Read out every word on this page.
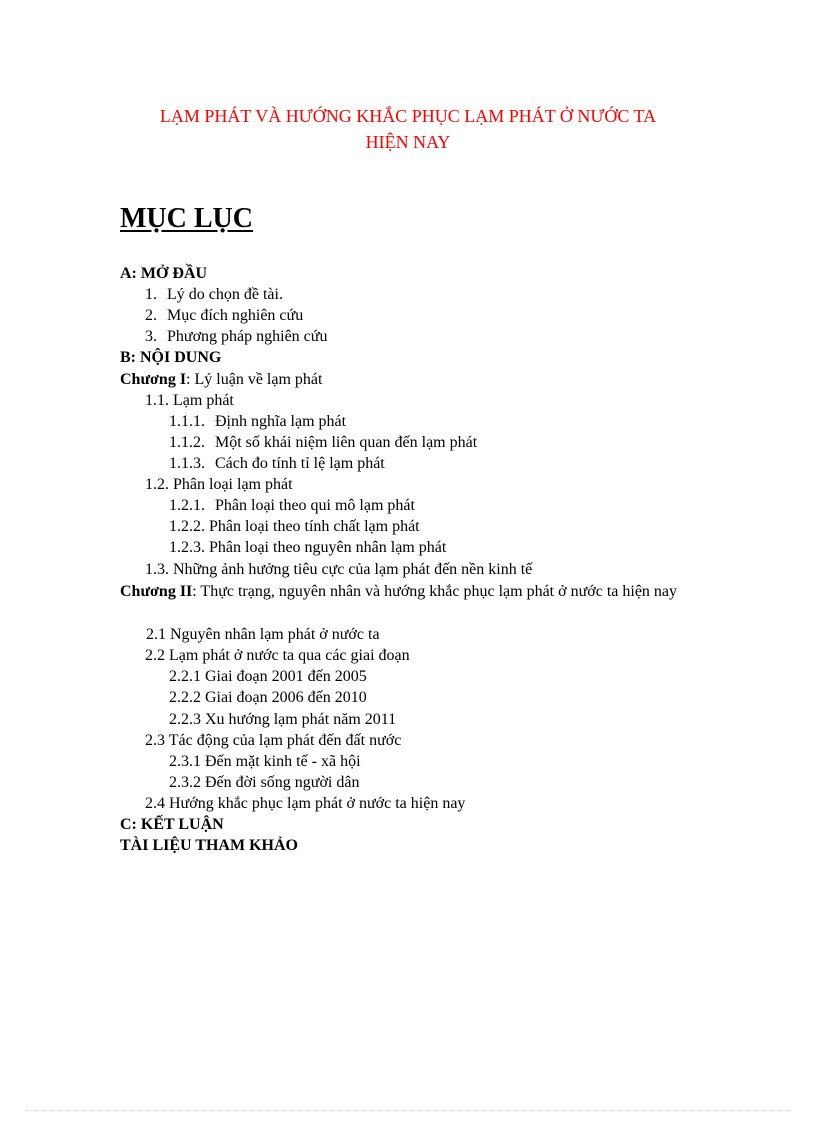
LẠM PHÁT VÀ HƯỚNG KHẮC PHỤC LẠM PHÁT Ở NƯỚC TA
HIỆN NAY
MỤC LỤC
A: MỞ ĐẦU
1. Lý do chọn đề tài.
2. Mục đích nghiên cứu
3. Phương pháp nghiên cứu
B: NỘI DUNG
Chương I: Lý luận về lạm phát
1.1. Lạm phát
1.1.1. Định nghĩa lạm phát
1.1.2. Một số khái niệm liên quan đến lạm phát
1.1.3. Cách đo tính tỉ lệ lạm phát
1.2. Phân loại lạm phát
1.2.1. Phân loại theo qui mô lạm phát
1.2.2. Phân loại theo tính chất lạm phát
1.2.3. Phân loại theo nguyên nhân lạm phát
1.3. Những ảnh hưởng tiêu cực của lạm phát đến nền kinh tế
Chương II: Thực trạng, nguyên nhân và hướng khắc phục lạm phát ở nước ta hiện nay
2.1 Nguyên nhân lạm phát ở nước ta
2.2 Lạm phát ở nước ta qua các giai đoạn
2.2.1 Giai đoạn 2001 đến 2005
2.2.2 Giai đoạn 2006 đến 2010
2.2.3 Xu hướng lạm phát năm 2011
2.3 Tác động của lạm phát đến đất nước
2.3.1 Đến mặt kinh tế - xã hội
2.3.2 Đến đời sống người dân
2.4 Hướng khắc phục lạm phát ở nước ta hiện nay
C: KẾT LUẬN
TÀI LIỆU THAM KHẢO
